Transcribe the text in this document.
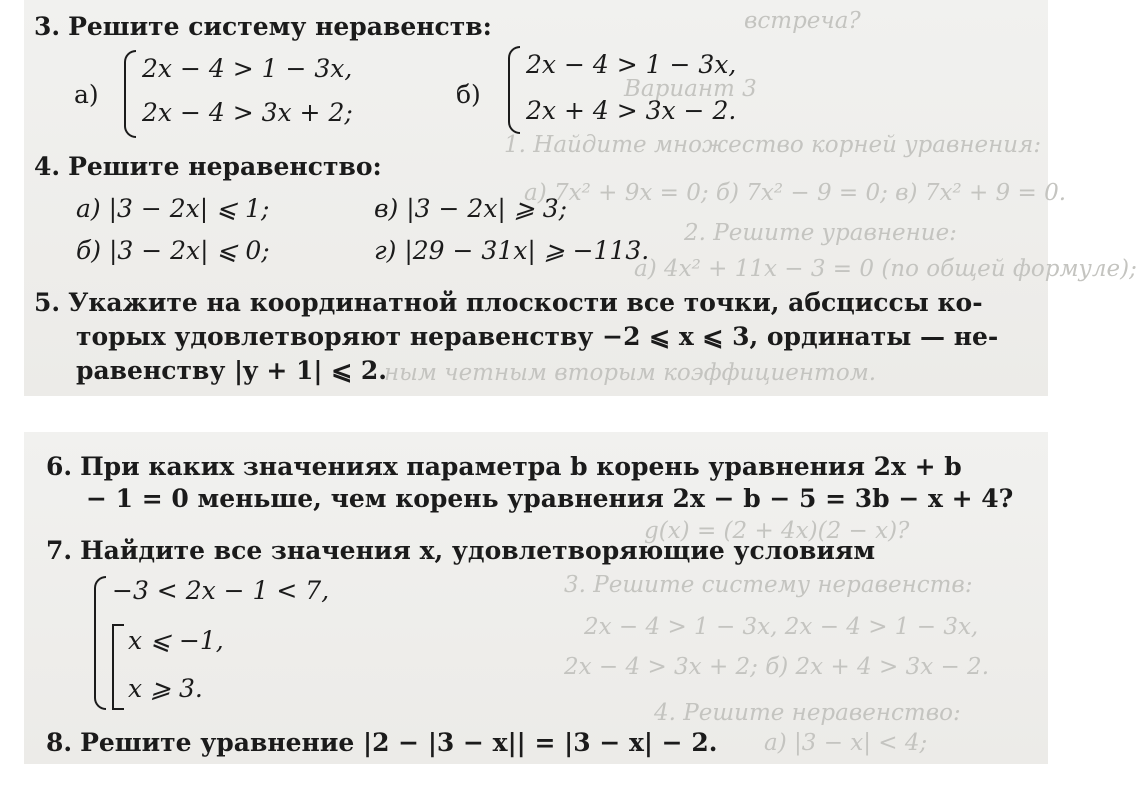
встреча?
Вариант 3
1. Найдите множество корней уравнения:
а) 7x² + 9x = 0; б) 7x² − 9 = 0; в) 7x² + 9 = 0.
2. Решите уравнение:
а) 4x² + 11x − 3 = 0 (по общей формуле);
ным четным вторым коэффициентом.
3. Решите систему неравенств:
а)
2x − 4 > 1 − 3x,
2x − 4 > 3x + 2;
б)
2x − 4 > 1 − 3x,
2x + 4 > 3x − 2.
4. Решите неравенство:
а) |3 − 2x| ⩽ 1;	в) |3 − 2x| ⩾ 3;
б) |3 − 2x| ⩽ 0;	г) |29 − 31x| ⩾ −113.
5. Укажите на координатной плоскости все точки, абсциссы ко-
торых удовлетворяют неравенству −2 ⩽ x ⩽ 3, ординаты — не-
равенству |y + 1| ⩽ 2.
g(x) = (2 + 4x)(2 − x)?
3. Решите систему неравенств:
2x − 4 > 1 − 3x, 2x − 4 > 1 − 3x,
2x − 4 > 3x + 2; б) 2x + 4 > 3x − 2.
4. Решите неравенство:
а) |3 − x| < 4;
6. При каких значениях параметра b корень уравнения 2x + b
− 1 = 0 меньше, чем корень уравнения 2x − b − 5 = 3b − x + 4?
7. Найдите все значения x, удовлетворяющие условиям
−3 < 2x − 1 < 7,
x ⩽ −1,
x ⩾ 3.
8. Решите уравнение |2 − |3 − x|| = |3 − x| − 2.
